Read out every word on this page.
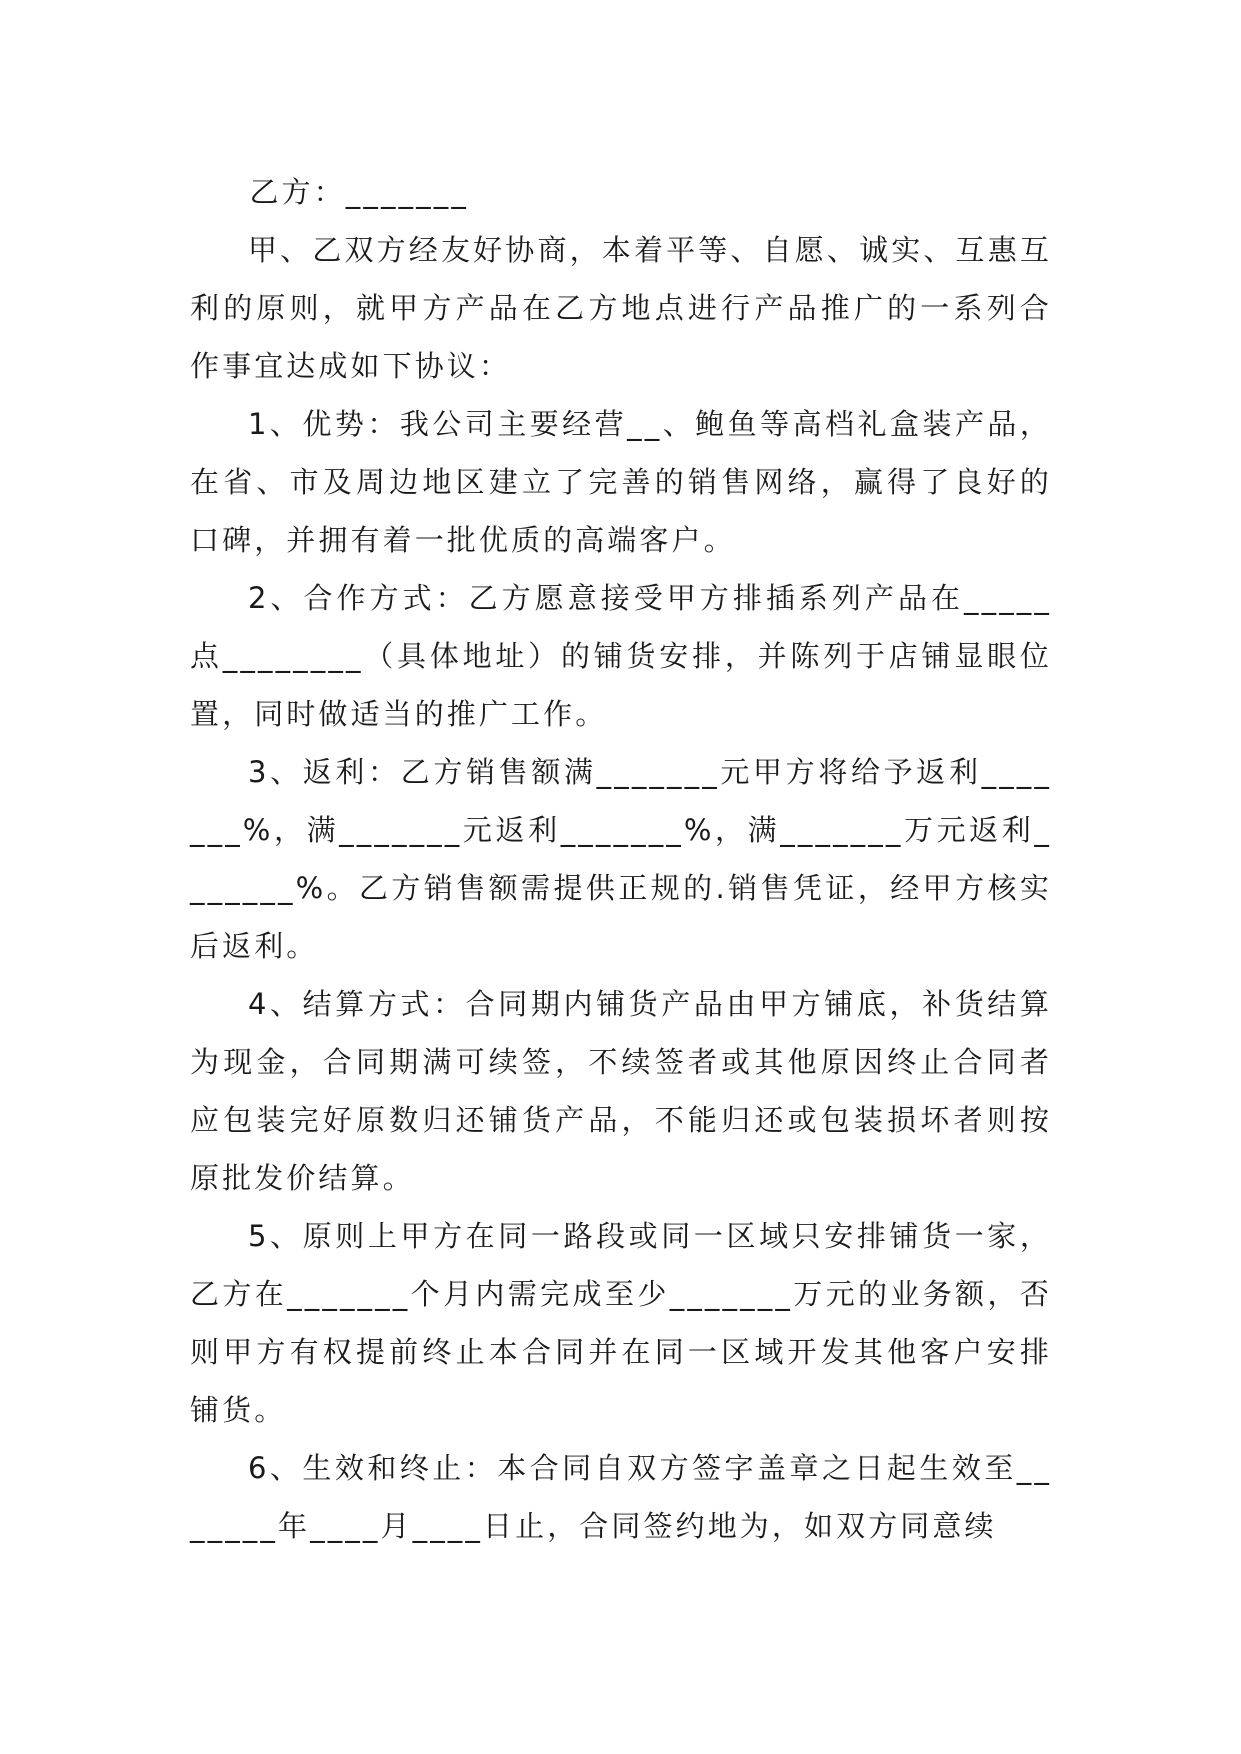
乙方：_______

甲、乙双方经友好协商，本着平等、自愿、诚实、互惠互利的原则，就甲方产品在乙方地点进行产品推广的一系列合作事宜达成如下协议：

1、优势：我公司主要经营__、鲍鱼等高档礼盒装产品，在省、市及周边地区建立了完善的销售网络，赢得了良好的口碑，并拥有着一批优质的高端客户。

2、合作方式：乙方愿意接受甲方排插系列产品在_____点________（具体地址）的铺货安排，并陈列于店铺显眼位置，同时做适当的推广工作。

3、返利：乙方销售额满_______元甲方将给予返利_______%，满_______元返利_______%，满_______万元返利_______%。乙方销售额需提供正规的.销售凭证，经甲方核实后返利。

4、结算方式：合同期内铺货产品由甲方铺底，补货结算为现金，合同期满可续签，不续签者或其他原因终止合同者应包装完好原数归还铺货产品，不能归还或包装损坏者则按原批发价结算。

5、原则上甲方在同一路段或同一区域只安排铺货一家，乙方在_______个月内需完成至少_______万元的业务额，否则甲方有权提前终止本合同并在同一区域开发其他客户安排铺货。

6、生效和终止：本合同自双方签字盖章之日起生效至_______年____月____日止，合同签约地为，如双方同意续
